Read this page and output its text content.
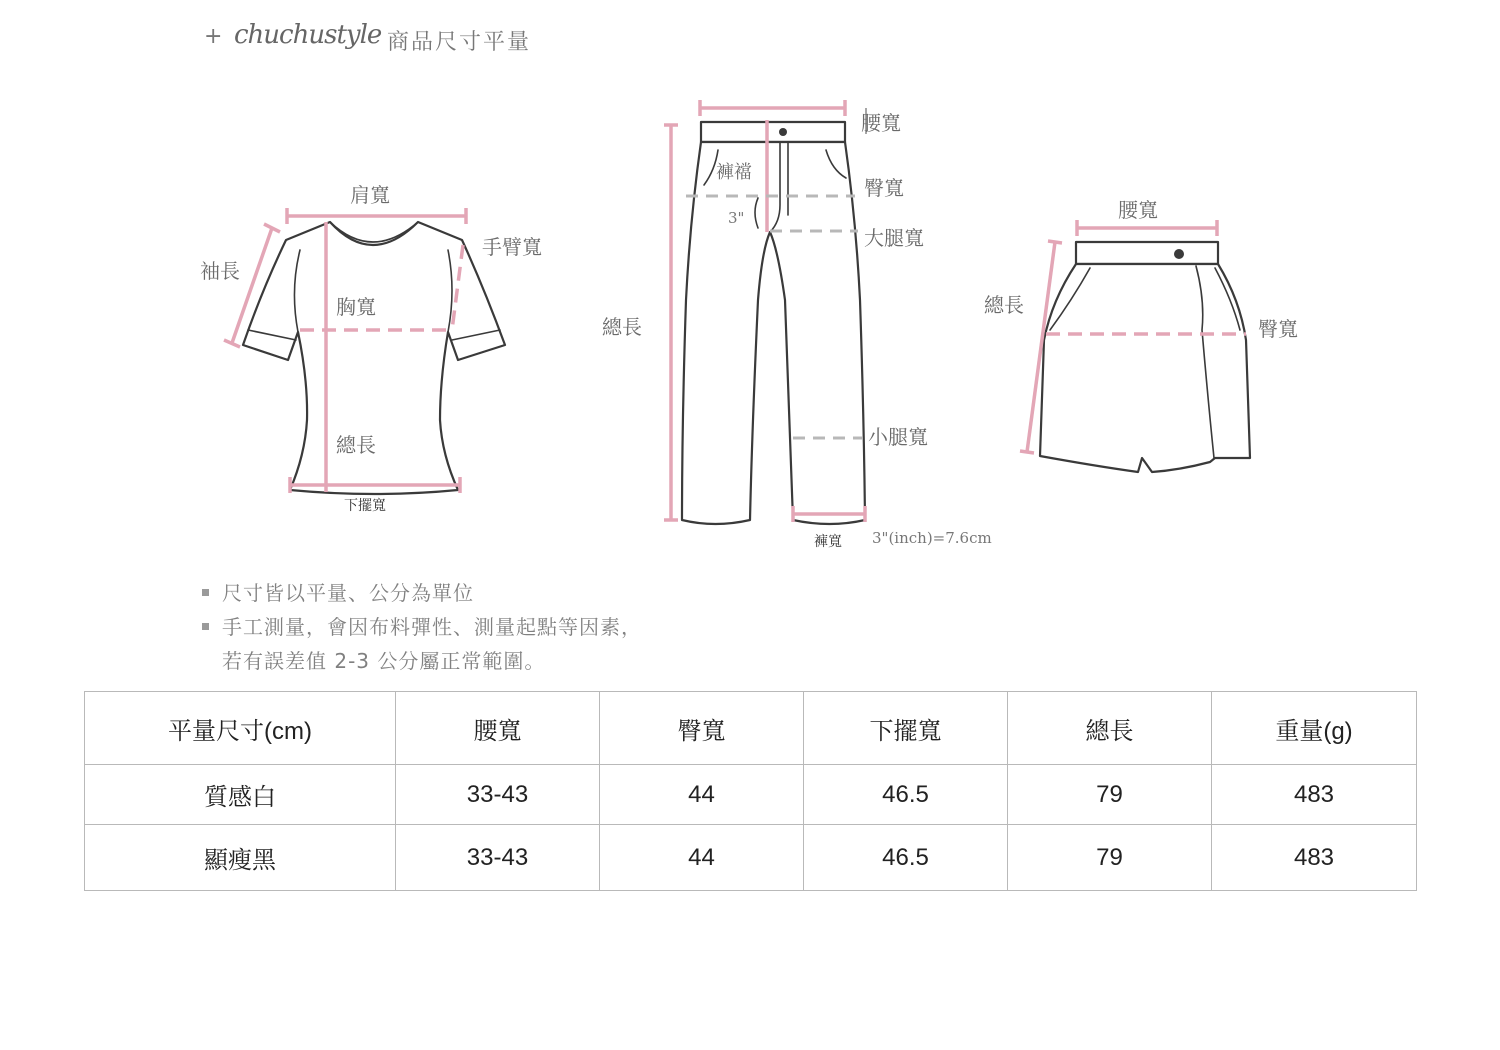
+ chuchustyle 商品尺寸平量
肩寬
袖長
手臂寬
胸寬
總長
下擺寬
腰寬
褲襠
臀寬
大腿寬
總長
小腿寬
褲寬
3"
3"(inch)=7.6cm
腰寬
總長
臀寬
尺寸皆以平量、公分為單位
手工測量，會因布料彈性、測量起點等因素，
若有誤差值 2-3 公分屬正常範圍。
平量尺寸(cm)	腰寬	臀寬	下擺寬	總長	重量(g)
質感白	33-43	44	46.5	79	483
顯瘦黑	33-43	44	46.5	79	483
